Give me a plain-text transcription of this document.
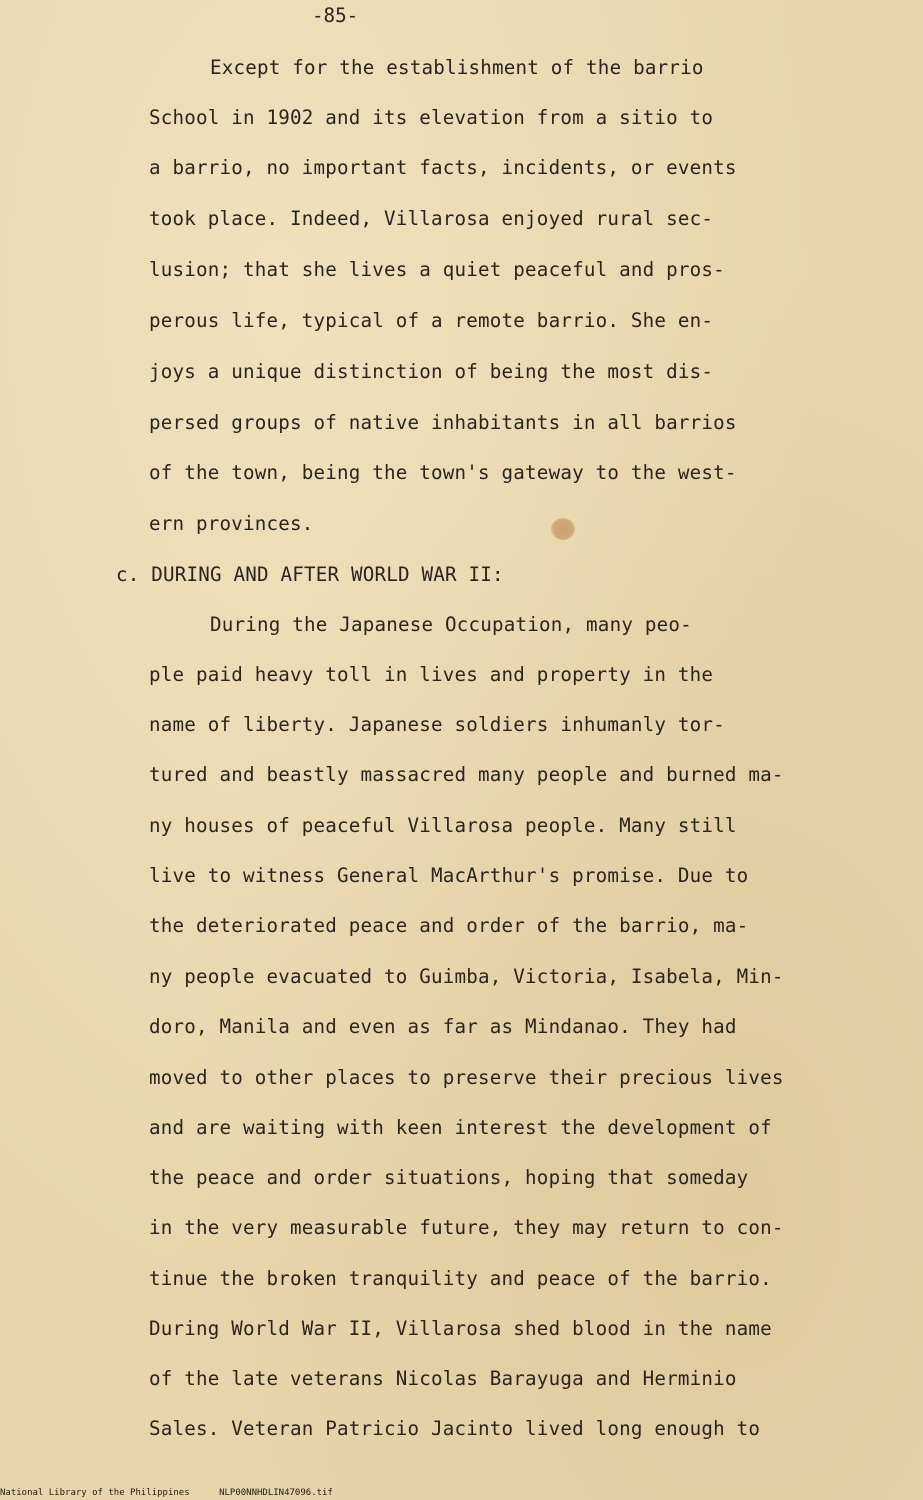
-85-
Except for the establishment of the barrio
School in 1902 and its elevation from a sitio to
a barrio, no important facts, incidents, or events
took place. Indeed, Villarosa enjoyed rural sec-
lusion; that she lives a quiet peaceful and pros-
perous life, typical of a remote barrio. She en-
joys a unique distinction of being the most dis-
persed groups of native inhabitants in all barrios
of the town, being the town's gateway to the west-
ern provinces.
c. DURING AND AFTER WORLD WAR II:
During the Japanese Occupation, many peo-
ple paid heavy toll in lives and property in the
name of liberty. Japanese soldiers inhumanly tor-
tured and beastly massacred many people and burned ma-
ny houses of peaceful Villarosa people. Many still
live to witness General MacArthur's promise. Due to
the deteriorated peace and order of the barrio, ma-
ny people evacuated to Guimba, Victoria, Isabela, Min-
doro, Manila and even as far as Mindanao. They had
moved to other places to preserve their precious lives
and are waiting with keen interest the development of
the peace and order situations, hoping that someday
in the very measurable future, they may return to con-
tinue the broken tranquility and peace of the barrio.
During World War II, Villarosa shed blood in the name
of the late veterans Nicolas Barayuga and Herminio
Sales. Veteran Patricio Jacinto lived long enough to
National Library of the Philippines	NLP00NNHDLIN47096.tif
